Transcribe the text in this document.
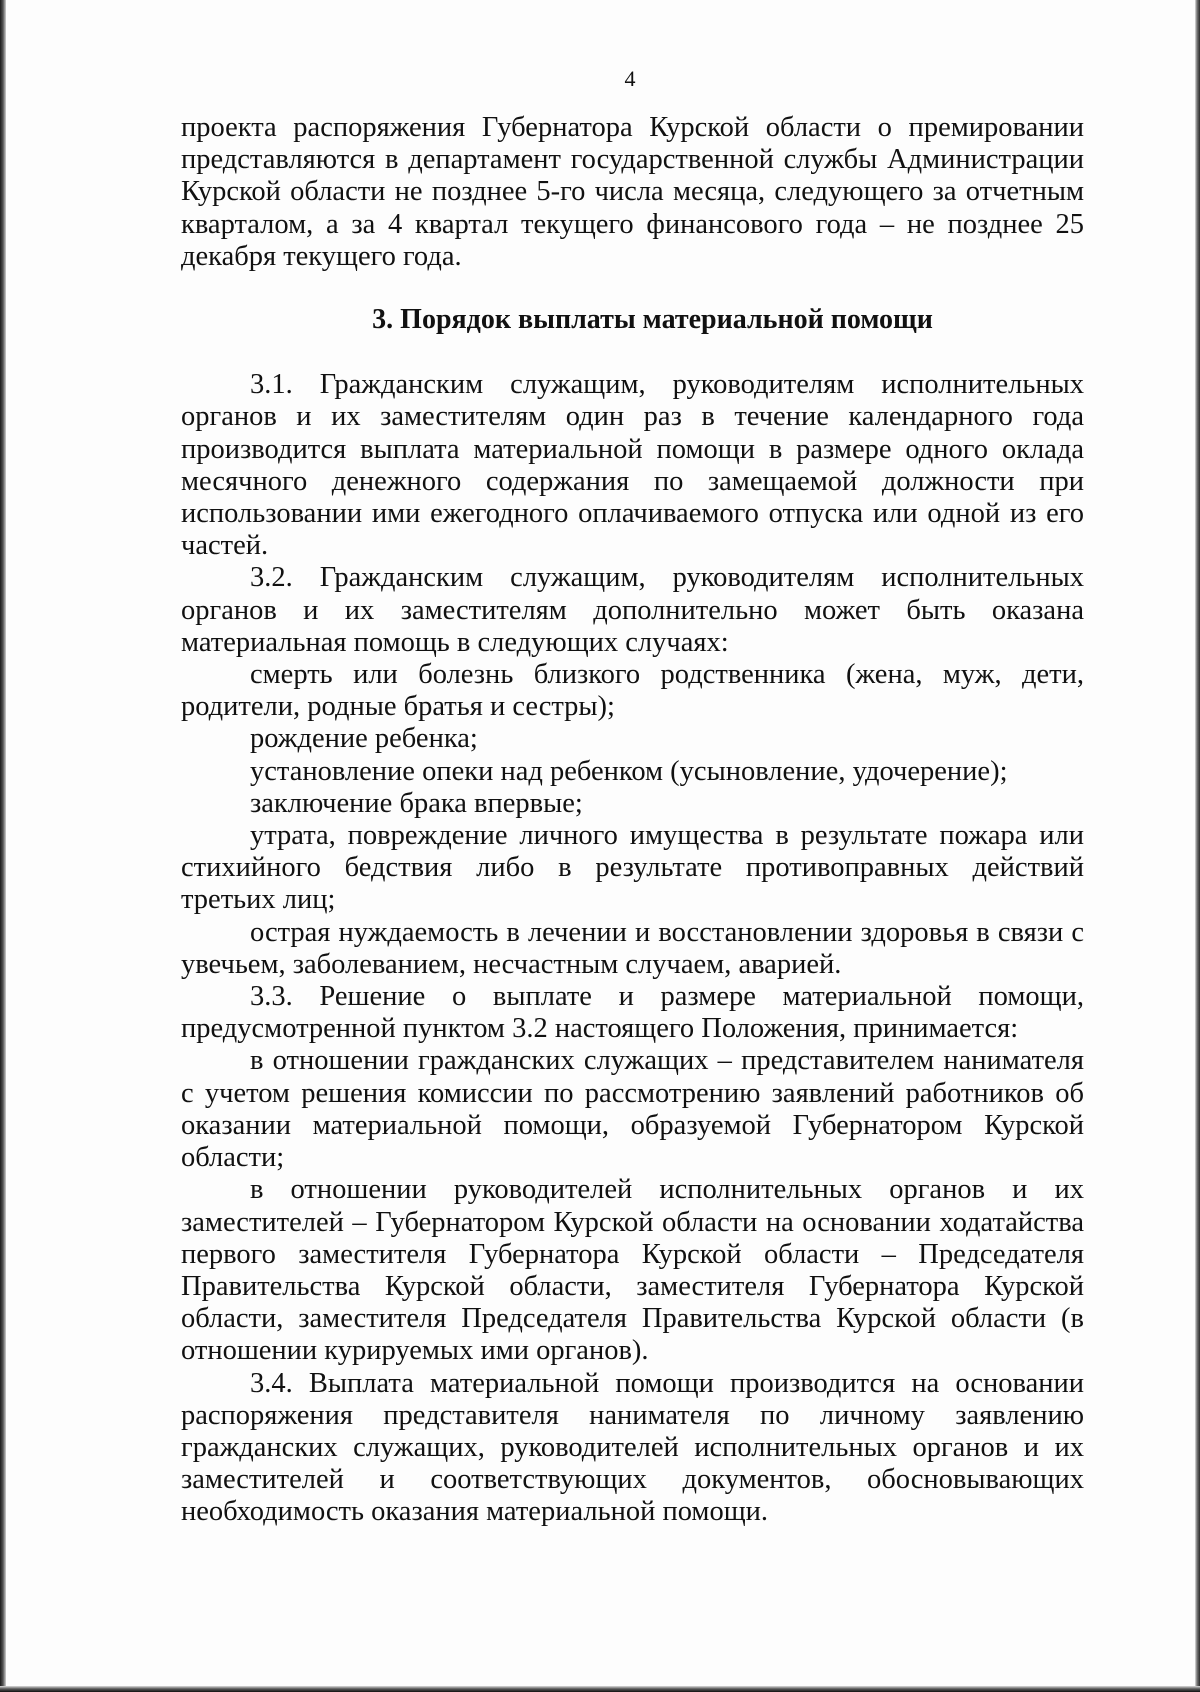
4

проекта распоряжения Губернатора Курской области о премировании представляются в департамент государственной службы Администрации Курской области не позднее 5-го числа месяца, следующего за отчетным кварталом, а за 4 квартал текущего финансового года – не позднее 25 декабря текущего года.

3. Порядок выплаты материальной помощи

3.1. Гражданским служащим, руководителям исполнительных органов и их заместителям один раз в течение календарного года производится выплата материальной помощи в размере одного оклада месячного денежного содержания по замещаемой должности при использовании ими ежегодного оплачиваемого отпуска или одной из его частей.

3.2. Гражданским служащим, руководителям исполнительных органов и их заместителям дополнительно может быть оказана материальная помощь в следующих случаях:

смерть или болезнь близкого родственника (жена, муж, дети, родители, родные братья и сестры);

рождение ребенка;

установление опеки над ребенком (усыновление, удочерение);

заключение брака впервые;

утрата, повреждение личного имущества в результате пожара или стихийного бедствия либо в результате противоправных действий третьих лиц;

острая нуждаемость в лечении и восстановлении здоровья в связи с увечьем, заболеванием, несчастным случаем, аварией.

3.3. Решение о выплате и размере материальной помощи, предусмотренной пунктом 3.2 настоящего Положения, принимается:

в отношении гражданских служащих – представителем нанимателя с учетом решения комиссии по рассмотрению заявлений работников об оказании материальной помощи, образуемой Губернатором Курской области;

в отношении руководителей исполнительных органов и их заместителей – Губернатором Курской области на основании ходатайства первого заместителя Губернатора Курской области – Председателя Правительства Курской области, заместителя Губернатора Курской области, заместителя Председателя Правительства Курской области (в отношении курируемых ими органов).

3.4. Выплата материальной помощи производится на основании распоряжения представителя нанимателя по личному заявлению гражданских служащих, руководителей исполнительных органов и их заместителей и соответствующих документов, обосновывающих необходимость оказания материальной помощи.
